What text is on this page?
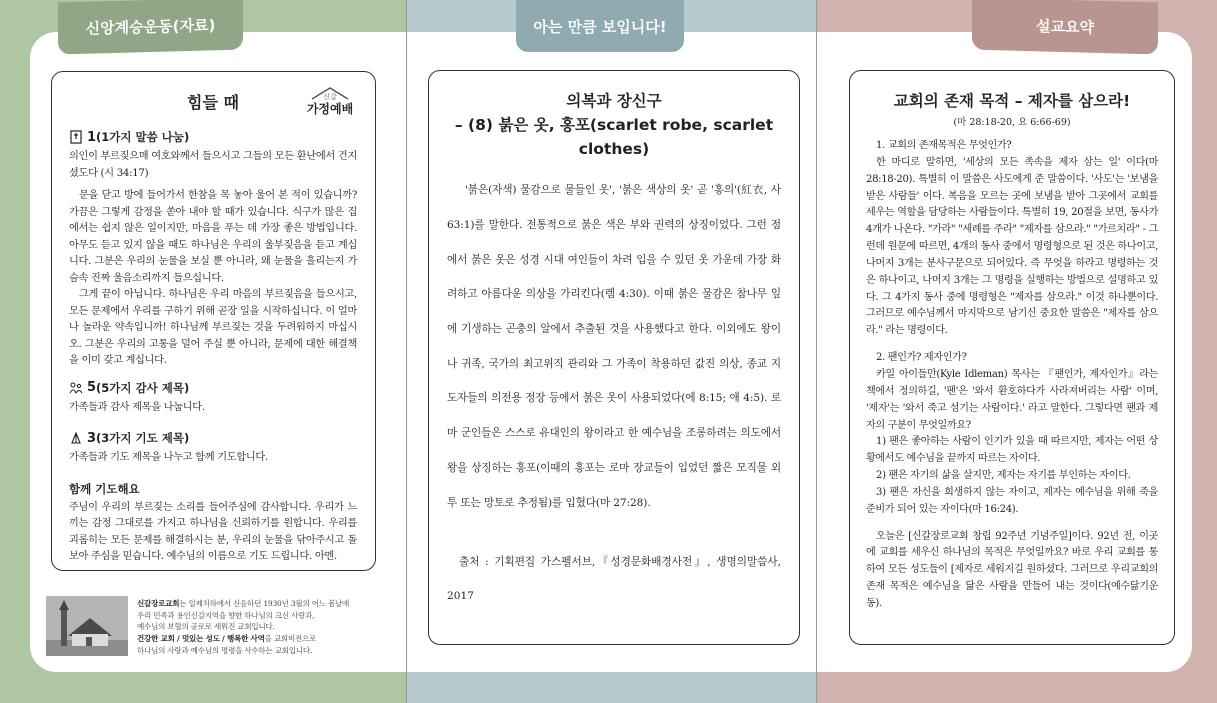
신앙계승운동(자료)	아는 만큼 보입니다!	설교요약
신갈
가정예배
힘들 때
1 (1가지 말씀 나눔)

의인이 부르짖으매 여호와께서 들으시고 그들의 모든 환난에서 건지셨도다 (시 34:17)

문을 닫고 방에 들어가서 한참을 목 놓아 울어 본 적이 있습니까? 가끔은 그렇게 감정을 쏟아 내야 할 때가 있습니다. 식구가 많은 집에서는 쉽지 않은 일이지만, 마음을 푸는 데 가장 좋은 방법입니다. 아무도 듣고 있지 않을 때도 하나님은 우리의 울부짖음을 듣고 계십니다. 그분은 우리의 눈물을 보실 뿐 아니라, 왜 눈물을 흘리는지 가슴속 진짜 울음소리까지 들으십니다.

그게 끝이 아닙니다. 하나님은 우리 마음의 부르짖음을 들으시고, 모든 문제에서 우리를 구하기 위해 곧장 일을 시작하십니다. 이 얼마나 놀라운 약속입니까! 하나님께 부르짖는 것을 두려워하지 마십시오. 그분은 우리의 고통을 덜어 주실 뿐 아니라, 문제에 대한 해결책을 이미 갖고 계십니다.

5 (5가지 감사 제목)

가족들과 감사 제목을 나눕니다.

3 (3가지 기도 제목)

가족들과 기도 제목을 나누고 함께 기도합니다.

함께 기도해요

주님이 우리의 부르짖는 소리를 들어주심에 감사합니다. 우리가 느끼는 감정 그대로를 가지고 하나님을 신뢰하기를 원합니다. 우리를 괴롭히는 모든 문제를 해결하시는 분, 우리의 눈물을 닦아주시고 돌보아 주심을 믿습니다. 예수님의 이름으로 기도 드립니다. 아멘.

신갈장로교회는 일제치하에서 신음하던 1930년 3월의 어느 봄날에
우리 민족과 용인신갈지역을 향한 하나님의 크신 사랑과,
예수님의 보혈의 공로로 세워진 교회입니다.
건강한 교회 / 멋있는 성도 / 행복한 사역을 교회비전으로
하나님의 사랑과 예수님의 명령을 사수하는 교회입니다.
의복과 장신구
– (8) 붉은 옷, 홍포(scarlet robe, scarlet clothes)

'붉은(자색) 물감으로 물들인 옷', '붉은 색상의 옷' 곧 '홍의'(紅衣, 사 63:1)를 말한다. 전통적으로 붉은 색은 부와 권력의 상징이었다. 그런 점에서 붉은 옷은 성경 시대 여인들이 차려 입을 수 있던 옷 가운데 가장 화려하고 아름다운 의상을 가리킨다(렘 4:30). 이때 붉은 물감은 참나무 잎에 기생하는 곤충의 알에서 추출된 것을 사용했다고 한다. 이외에도 왕이나 귀족, 국가의 최고위직 관리와 그 가족이 착용하던 값진 의상, 종교 지도자들의 의전용 정장 등에서 붉은 옷이 사용되었다(에 8:15; 애 4:5). 로마 군인들은 스스로 유대인의 왕이라고 한 예수님을 조롱하려는 의도에서 왕을 상징하는 홍포(이때의 홍포는 로마 장교들이 입었던 짧은 모직물 외투 또는 망토로 추정됨)를 입혔다(마 27:28).

출처 : 기획편집 가스펠서브,『성경문화배경사전』, 생명의말씀사, 2017

교회의 존재 목적 – 제자를 삼으라!
(마 28:18-20, 요 6:66-69)

1. 교회의 존재목적은 무엇인가?

한 마디로 말하면, '세상의 모든 족속을 제자 삼는 일' 이다(마 28:18-20). 특별히 이 말씀은 사도에게 준 말씀이다. '사도'는 '보냄을 받은 사람들' 이다. 복음을 모르는 곳에 보냄을 받아 그곳에서 교회를 세우는 역할을 담당하는 사람들이다. 특별히 19, 20절을 보면, 동사가 4개가 나온다. "가라" "세례를 주라" "제자를 삼으라." "가르치라" - 그런데 원문에 따르면, 4개의 동사 중에서 명령형으로 된 것은 하나이고, 나머지 3개는 분사구문으로 되어있다. 즉 무엇을 하라고 명령하는 것은 하나이고, 나머지 3개는 그 명령을 실행하는 방법으로 설명하고 있다. 그 4가지 동사 중에 명령형은 "제자를 삼으라." 이것 하나뿐이다. 그러므로 예수님께서 마지막으로 남기신 중요한 말씀은 "제자를 삼으라." 라는 명령이다.

2. 팬인가? 제자인가?

카일 아이들만(Kyle Idleman) 목사는 『팬인가, 제자인가』라는 책에서 정의하길, '팬'은 '와서 환호하다가 사라져버리는 사람' 이며, '제자'는 '와서 죽고 섬기는 사람이다.' 라고 말한다. 그렇다면 팬과 제자의 구분이 무엇일까요?

1) 팬은 좋아하는 사람이 인기가 있을 때 따르지만, 제자는 어떤 상황에서도 예수님을 끝까지 따르는 자이다.

2) 팬은 자기의 삶을 살지만, 제자는 자기를 부인하는 자이다.

3) 팬은 자신을 희생하지 않는 자이고, 제자는 예수님을 위해 죽을 준비가 되어 있는 자이다(마 16:24).

오늘은 [신갈장로교회 창립 92주년 기념주일]이다. 92년 전, 이곳에 교회를 세우신 하나님의 목적은 무엇일까요? 바로 우리 교회를 통하여 모든 성도들이 [제자로 세워지길 원하셨다. 그러므로 우리교회의 존재 목적은 예수님을 닮은 사람을 만들어 내는 것이다(예수닮기운동).
